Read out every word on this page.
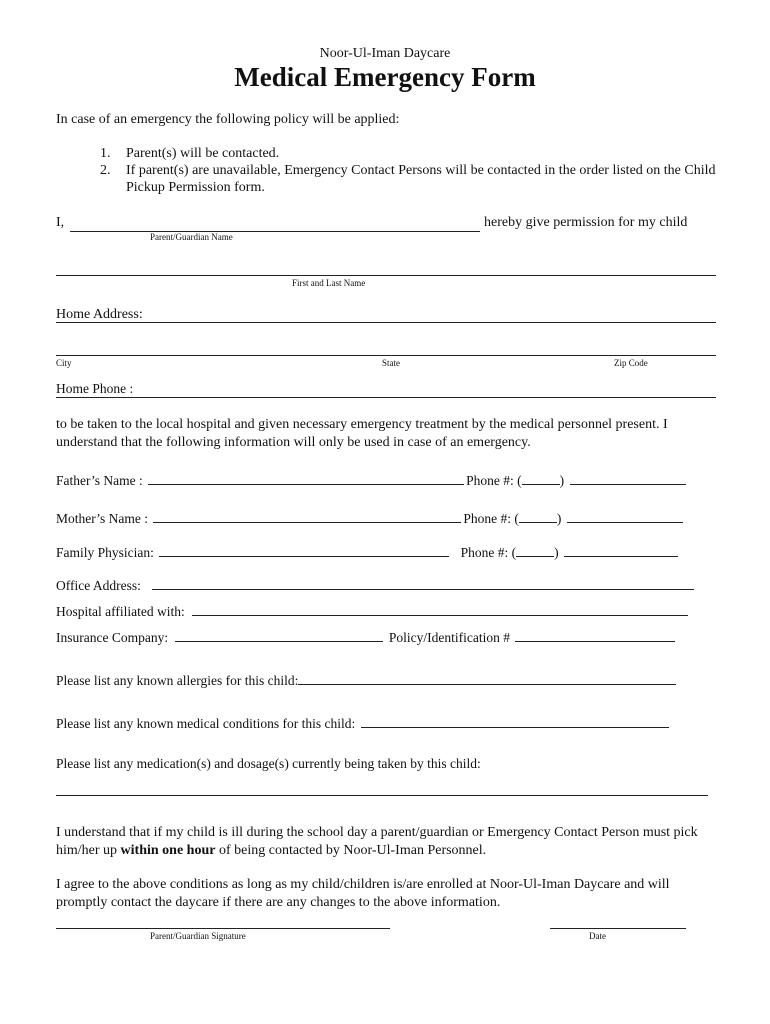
Noor-Ul-Iman Daycare
Medical Emergency Form
In case of an emergency the following policy will be applied:
1. Parent(s) will be contacted.
2. If parent(s) are unavailable, Emergency Contact Persons will be contacted in the order listed on the Child Pickup Permission form.
I,	hereby give permission for my child
Parent/Guardian Name
First and Last Name
Home Address:
City	State	Zip Code
Home Phone :
to be taken to the local hospital and given necessary emergency treatment by the medical personnel present. I understand that the following information will only be used in case of an emergency.
Father’s Name :	Phone #: (	)
Mother’s Name :	Phone #: (	)
Family Physician:	Phone #: (	)
Office Address:
Hospital affiliated with:
Insurance Company:	Policy/Identification #
Please list any known allergies for this child:
Please list any known medical conditions for this child:
Please list any medication(s) and dosage(s) currently being taken by this child:
I understand that if my child is ill during the school day a parent/guardian or Emergency Contact Person must pick him/her up within one hour of being contacted by Noor-Ul-Iman Personnel.
I agree to the above conditions as long as my child/children is/are enrolled at Noor-Ul-Iman Daycare and will promptly contact the daycare if there are any changes to the above information.
Parent/Guardian Signature	Date
